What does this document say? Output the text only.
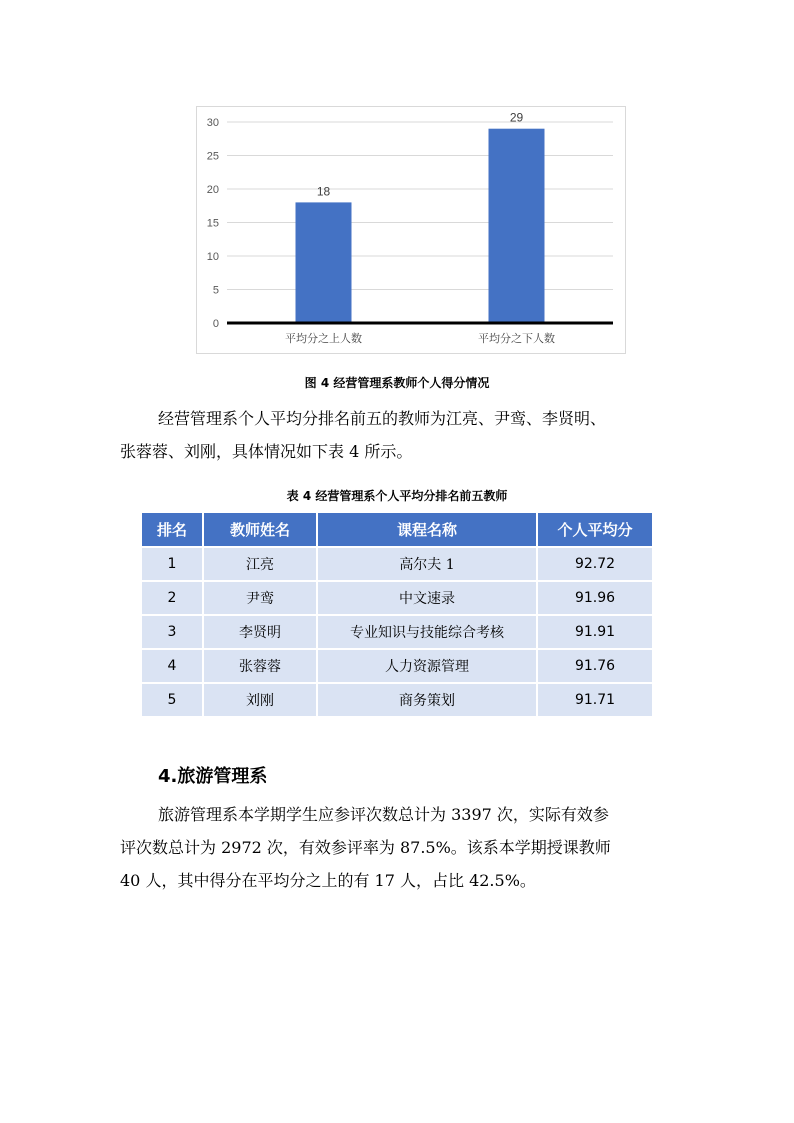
0
5
10
15
20
25
30
18
平均分之上人数
29
平均分之下人数
图 4 经营管理系教师个人得分情况

经营管理系个人平均分排名前五的教师为江亮、尹鸾、李贤明、

张蓉蓉、刘刚，具体情况如下表 4 所示。

表 4 经营管理系个人平均分排名前五教师
排名	教师姓名	课程名称	个人平均分
1	江亮	高尔夫 1	92.72
2	尹鸾	中文速录	91.96
3	李贤明	专业知识与技能综合考核	91.91
4	张蓉蓉	人力资源管理	91.76
5	刘刚	商务策划	91.71
4.旅游管理系

旅游管理系本学期学生应参评次数总计为 3397 次，实际有效参

评次数总计为 2972 次，有效参评率为 87.5%。该系本学期授课教师

40 人，其中得分在平均分之上的有 17 人，占比 42.5%。
